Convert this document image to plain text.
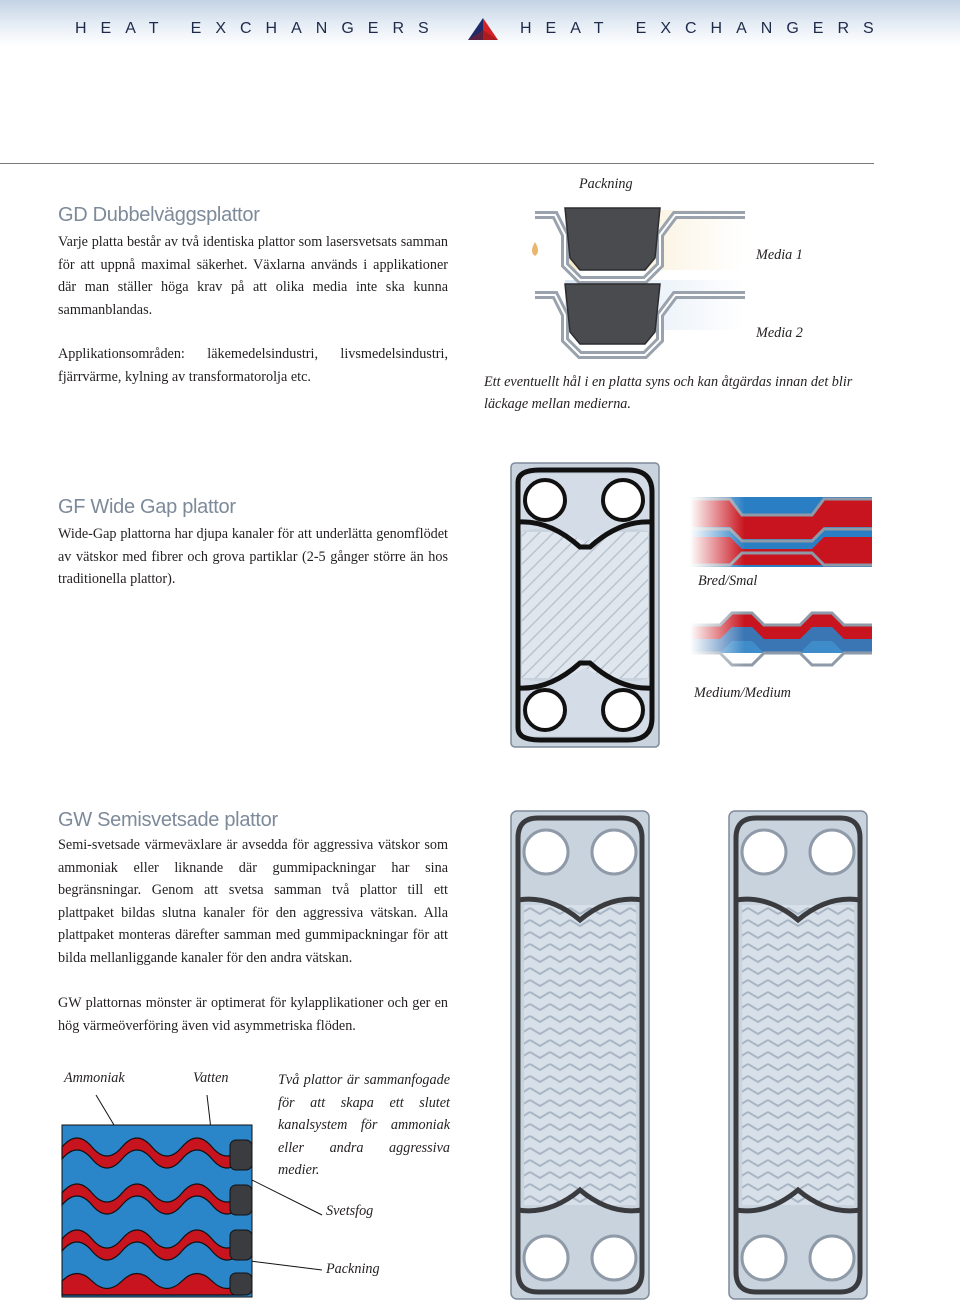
HEAT EXCHANGERS	HEAT EXCHANGERS
GD Dubbelväggsplattor

Varje platta består av två identiska plattor som lasersvetsats samman för att uppnå maximal säkerhet. Växlarna används i applikationer där man ställer höga krav på att olika media inte ska kunna sammanblandas.

Applikationsområden: läkemedelsindustri, livsmedelsindustri, fjärrvärme, kylning av transformatorolja etc.

Packning
Media 1
Media 2

Ett eventuellt hål i en platta syns och kan åtgärdas innan det blir läckage mellan medierna.

GF Wide Gap plattor

Wide-Gap plattorna har djupa kanaler för att underlätta genomflödet av vätskor med fibrer och grova partiklar (2-5 gånger större än hos traditionella plattor).	Bred/Smal
Medium/Medium
GW Semisvetsade plattor

Semi-svetsade värmeväxlare är avsedda för aggressiva vätskor som ammoniak eller liknande där gummipackningar har sina begränsningar. Genom att svetsa samman två plattor till ett plattpaket bildas slutna kanaler för den aggressiva vätskan. Alla plattpaket monteras därefter samman med gummipackningar för att bilda mellanliggande kanaler för den andra vätskan.

GW plattornas mönster är optimerat för kylapplikationer och ger en hög värmeöverföring även vid asymmetriska flöden.

Ammoniak	Vatten	Två plattor är sammanfogade för att skapa ett slutet kanalsystem för ammoniak eller andra aggressiva medier.

Svetsfog
Packning
